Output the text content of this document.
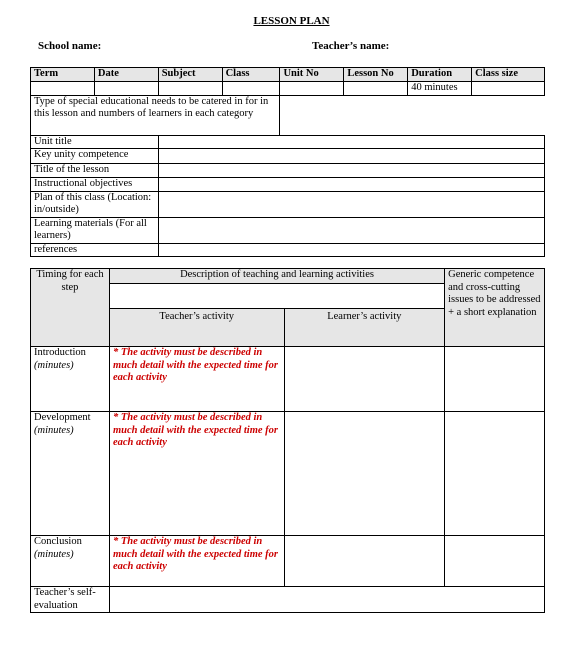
LESSON PLAN
School name:	Teacher’s name:
Term	Date	Subject	Class	Unit No	Lesson No	Duration	Class size
						40 minutes	
Type of special educational needs to be catered in for in this lesson and numbers of learners in each category							
Unit title							
Key unity competence							
Title of the lesson							
Instructional objectives							
Plan of this class (Location: in/outside)							
Learning materials (For all learners)							
references							
Timing for each step	Description of teaching and learning activities		Generic competence and cross-cutting issues to be addressed + a short explanation

	Teacher’s activity	Learner’s activity	
Introduction
(minutes)	* The activity must be described in much detail with the expected time for each activity		
Development
(minutes)	* The activity must be described in much detail with the expected time for each activity		
Conclusion
(minutes)	* The activity must be described in much detail with the expected time for each activity		
Teacher’s self-evaluation			
